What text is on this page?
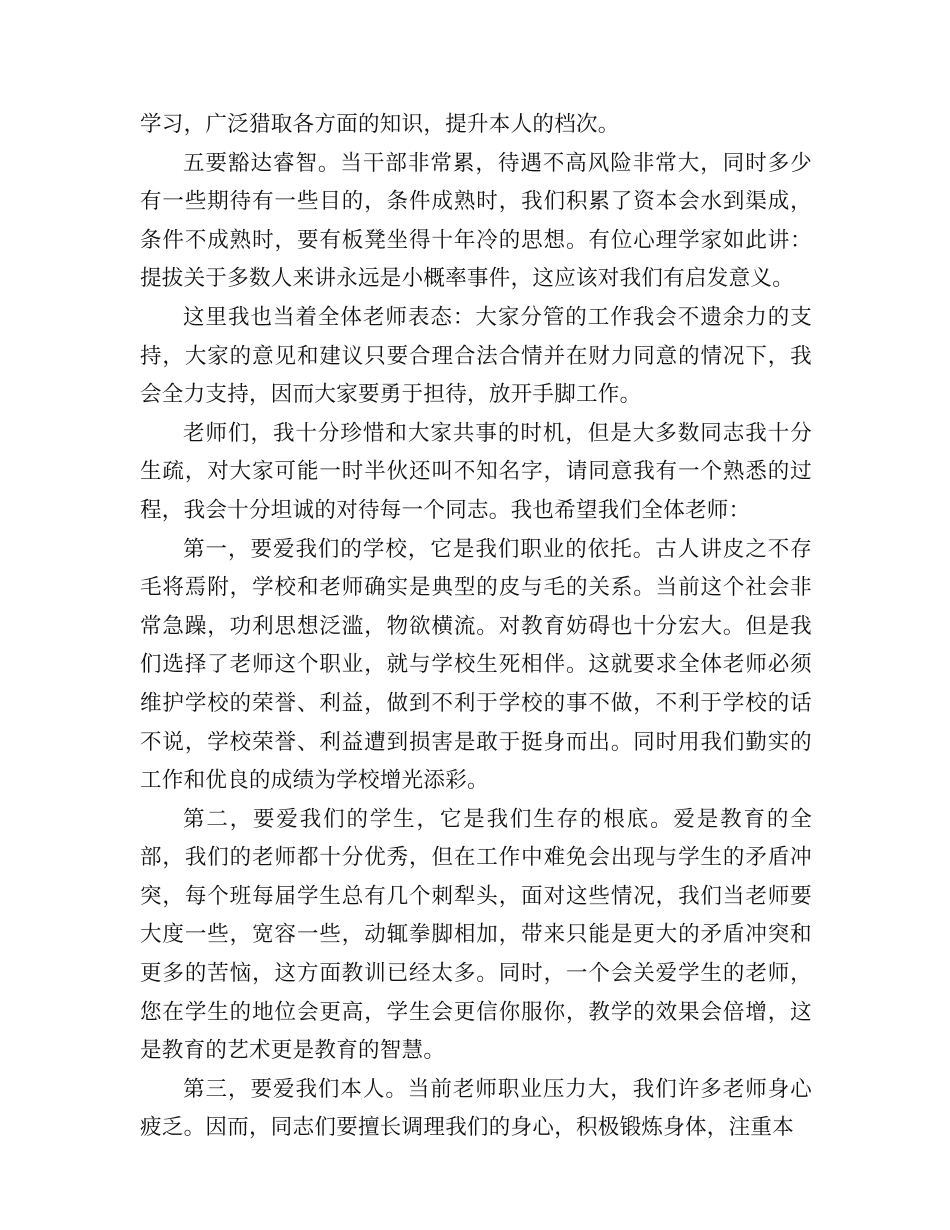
学习，广泛猎取各方面的知识，提升本人的档次。

五要豁达睿智。当干部非常累，待遇不高风险非常大，同时多少有一些期待有一些目的，条件成熟时，我们积累了资本会水到渠成，条件不成熟时，要有板凳坐得十年冷的思想。有位心理学家如此讲：提拔关于多数人来讲永远是小概率事件，这应该对我们有启发意义。

这里我也当着全体老师表态：大家分管的工作我会不遗余力的支持，大家的意见和建议只要合理合法合情并在财力同意的情况下，我会全力支持，因而大家要勇于担待，放开手脚工作。

老师们，我十分珍惜和大家共事的时机，但是大多数同志我十分生疏，对大家可能一时半伙还叫不知名字，请同意我有一个熟悉的过程，我会十分坦诚的对待每一个同志。我也希望我们全体老师：

第一，要爱我们的学校，它是我们职业的依托。古人讲皮之不存毛将焉附，学校和老师确实是典型的皮与毛的关系。当前这个社会非常急躁，功利思想泛滥，物欲横流。对教育妨碍也十分宏大。但是我们选择了老师这个职业，就与学校生死相伴。这就要求全体老师必须维护学校的荣誉、利益，做到不利于学校的事不做，不利于学校的话不说，学校荣誉、利益遭到损害是敢于挺身而出。同时用我们勤实的工作和优良的成绩为学校增光添彩。

第二，要爱我们的学生，它是我们生存的根底。爱是教育的全部，我们的老师都十分优秀，但在工作中难免会出现与学生的矛盾冲突，每个班每届学生总有几个刺犁头，面对这些情况，我们当老师要大度一些，宽容一些，动辄拳脚相加，带来只能是更大的矛盾冲突和更多的苦恼，这方面教训已经太多。同时，一个会关爱学生的老师，您在学生的地位会更高，学生会更信你服你，教学的效果会倍增，这是教育的艺术更是教育的智慧。

第三，要爱我们本人。当前老师职业压力大，我们许多老师身心疲乏。因而，同志们要擅长调理我们的身心，积极锻炼身体，注重本
